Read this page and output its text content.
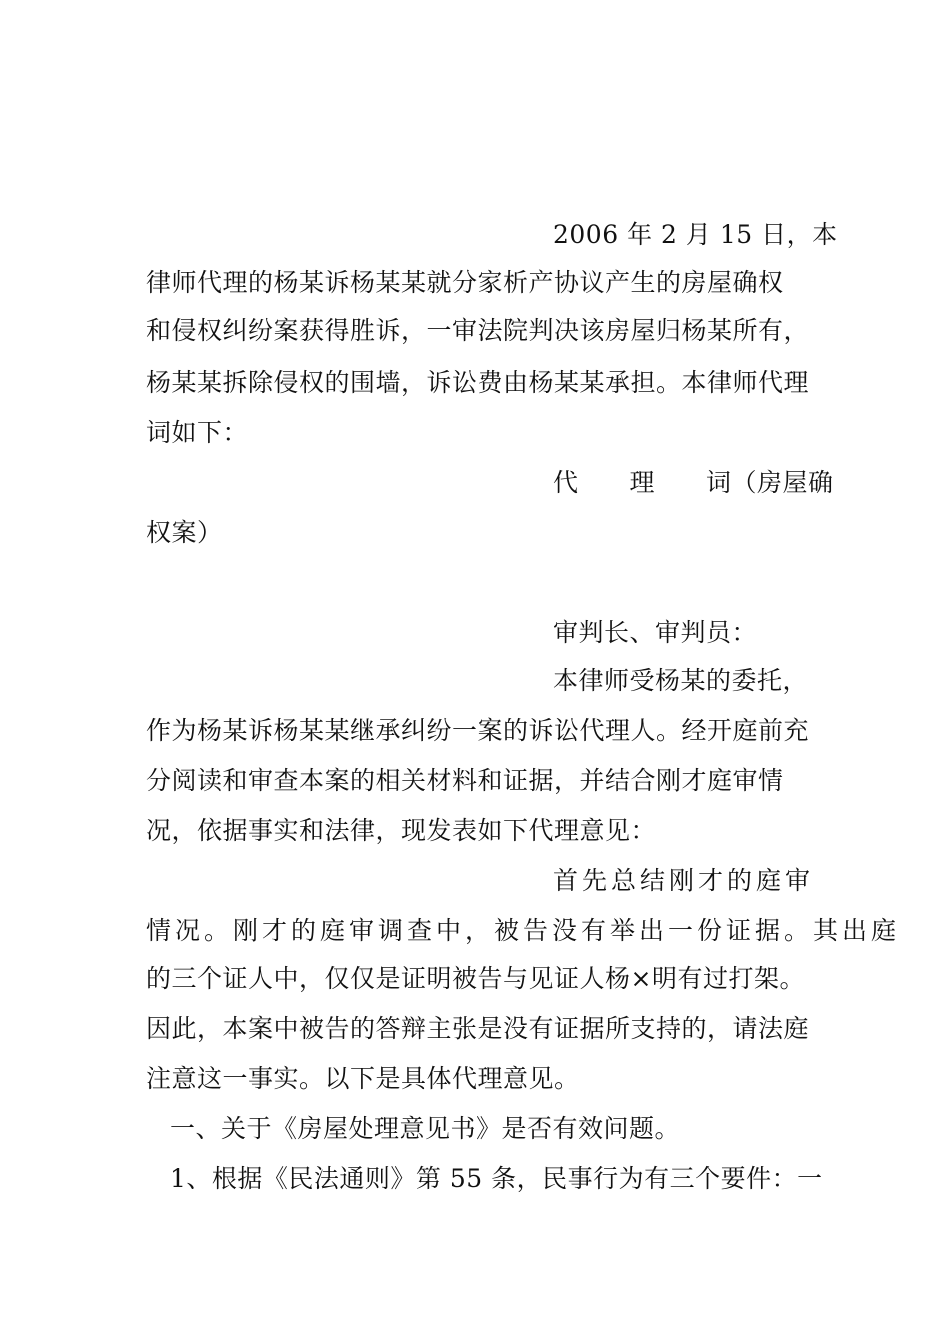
2006 年 2 月 15 日，本
律师代理的杨某诉杨某某就分家析产协议产生的房屋确权
和侵权纠纷案获得胜诉，一审法院判决该房屋归杨某所有，
杨某某拆除侵权的围墙，诉讼费由杨某某承担。本律师代理
词如下：
代　　理　　词（房屋确
权案）
审判长、审判员：
本律师受杨某的委托，
作为杨某诉杨某某继承纠纷一案的诉讼代理人。经开庭前充
分阅读和审查本案的相关材料和证据，并结合刚才庭审情
况，依据事实和法律，现发表如下代理意见：
首先总结刚才的庭审
情况。刚才的庭审调查中，被告没有举出一份证据。其出庭
的三个证人中，仅仅是证明被告与见证人杨×明有过打架。
因此，本案中被告的答辩主张是没有证据所支持的，请法庭
注意这一事实。以下是具体代理意见。
一、关于《房屋处理意见书》是否有效问题。
1、根据《民法通则》第 55 条，民事行为有三个要件：一
